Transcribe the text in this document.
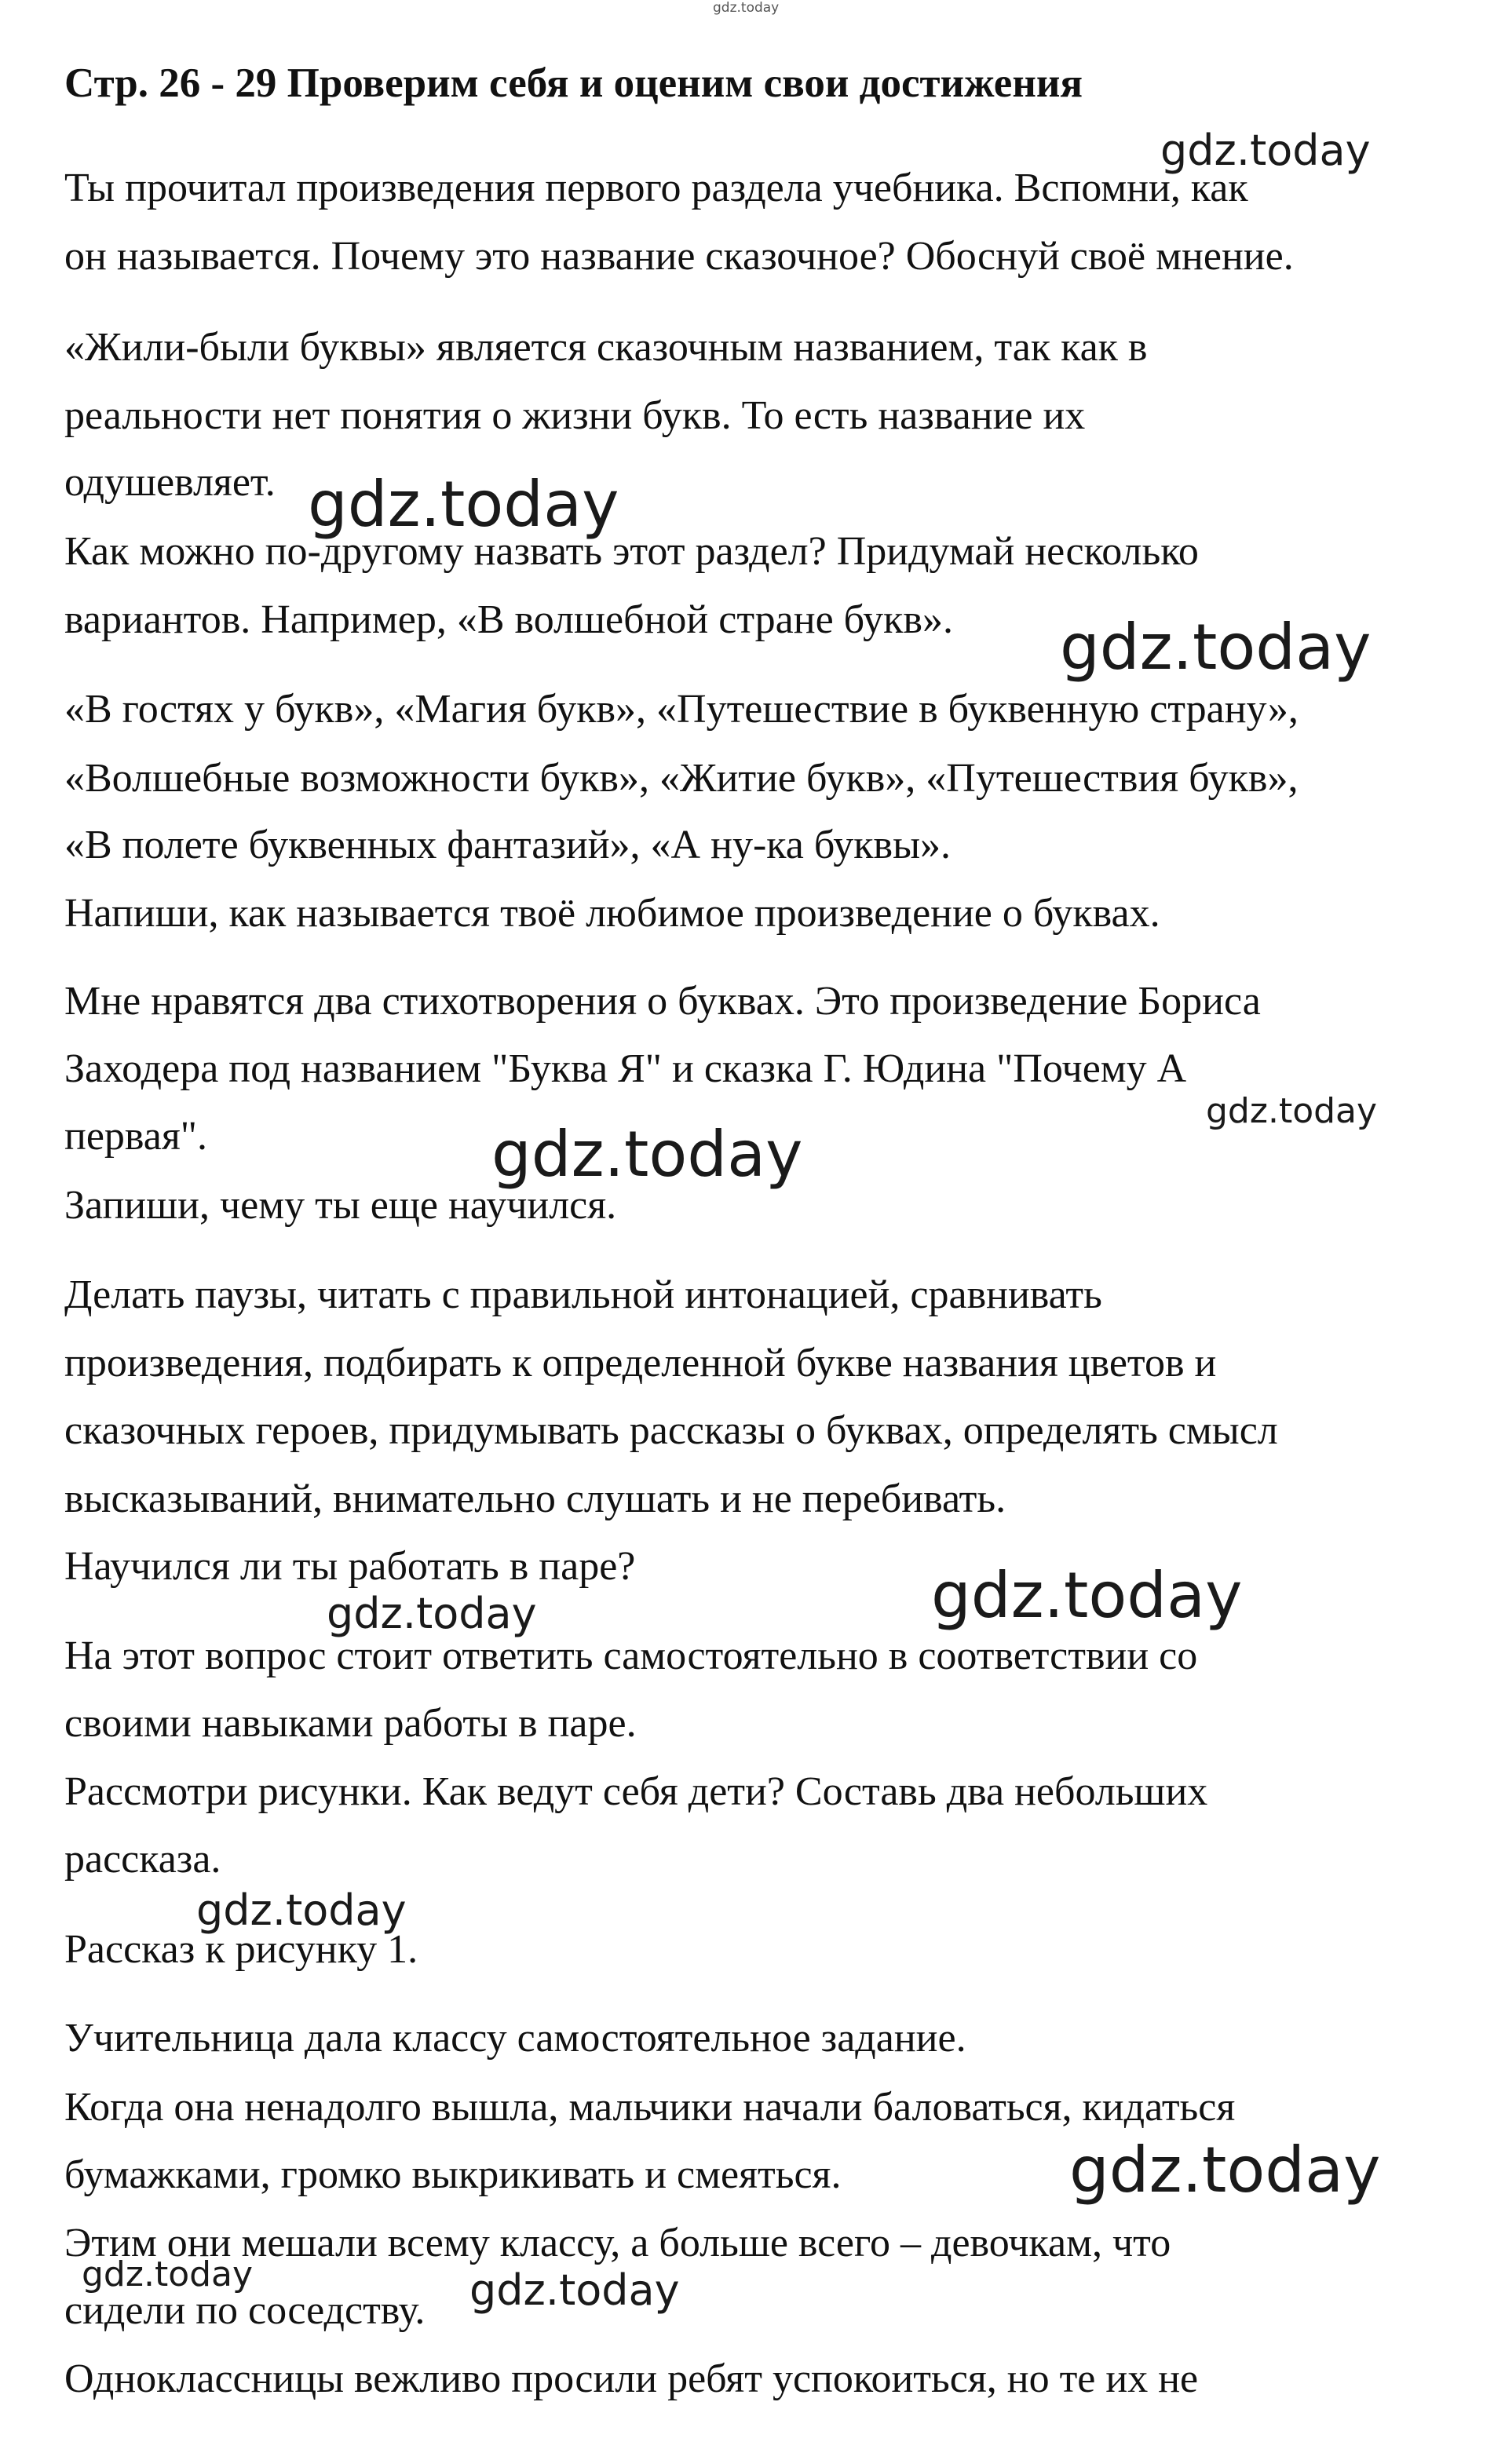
gdz.today
Стр. 26 - 29 Проверим себя и оценим свои достижения
Ты прочитал произведения первого раздела учебника. Вспомни, как
он называется. Почему это название сказочное? Обоснуй своё мнение.
«Жили-были буквы» является сказочным названием, так как в
реальности нет понятия о жизни букв. То есть название их
одушевляет.
Как можно по-другому назвать этот раздел? Придумай несколько
вариантов. Например, «В волшебной стране букв».
«В гостях у букв», «Магия букв», «Путешествие в буквенную страну»,
«Волшебные возможности букв», «Житие букв», «Путешествия букв»,
«В полете буквенных фантазий», «А ну-ка буквы».
Напиши, как называется твоё любимое произведение о буквах.
Мне нравятся два стихотворения о буквах. Это произведение Бориса
Заходера под названием "Буква Я" и сказка Г. Юдина "Почему А
первая".
Запиши, чему ты еще научился.
Делать паузы, читать с правильной интонацией, сравнивать
произведения, подбирать к определенной букве названия цветов и
сказочных героев, придумывать рассказы о буквах, определять смысл
высказываний, внимательно слушать и не перебивать.
Научился ли ты работать в паре?
На этот вопрос стоит ответить самостоятельно в соответствии со
своими навыками работы в паре.
Рассмотри рисунки. Как ведут себя дети? Составь два небольших
рассказа.
Рассказ к рисунку 1.
Учительница дала классу самостоятельное задание.
Когда она ненадолго вышла, мальчики начали баловаться, кидаться
бумажками, громко выкрикивать и смеяться.
Этим они мешали всему классу, а больше всего – девочкам, что
сидели по соседству.
Одноклассницы вежливо просили ребят успокоиться, но те их не
gdz.today
gdz.today
gdz.today
gdz.today
gdz.today
gdz.today
gdz.today
gdz.today
gdz.today
gdz.today	gdz.today
